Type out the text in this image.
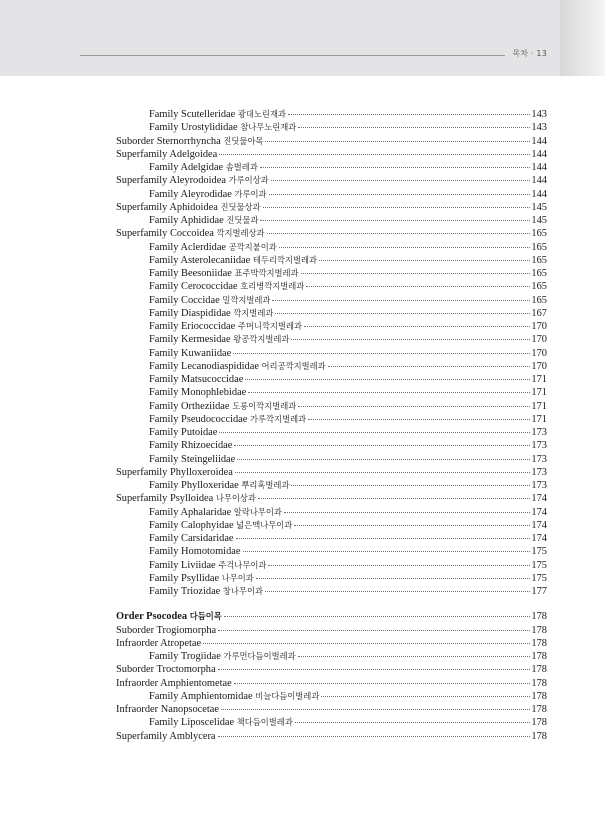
목차 · 13
Family Scutelleridae 광대노린재과	143
Family Urostylididae 참나무노린재과	143
Suborder Sternorrhyncha 진딧물아목	144
Superfamily Adelgoidea	144
Family Adelgidae 솜벌레과	144
Superfamily Aleyrodoidea 가루이상과	144
Family Aleyrodidae 가루이과	144
Superfamily Aphidoidea 진딧물상과	145
Family Aphididae 진딧물과	145
Superfamily Coccoidea 깍지벌레상과	165
Family Aclerdidae 공깍지붙이과	165
Family Asterolecaniidae 테두리깍지벌레과	165
Family Beesoniidae 표주박깍지벌레과	165
Family Cerococcidae 호리병깍지벌레과	165
Family Coccidae 밀깍지벌레과	165
Family Diaspididae 깍지벌레과	167
Family Eriococcidae 주머니깍지벌레과	170
Family Kermesidae 왕공깍지벌레과	170
Family Kuwaniidae	170
Family Lecanodiaspididae 어리공깍지벌레과	170
Family Matsucoccidae	171
Family Monophlebidae	171
Family Ortheziidae 도롱이깍지벌레과	171
Family Pseudococcidae 가루깍지벌레과	171
Family Putoidae	173
Family Rhizoecidae	173
Family Steingeliidae	173
Superfamily Phylloxeroidea	173
Family Phylloxeridae 뿌리혹벌레과	173
Superfamily Psylloidea 나무이상과	174
Family Aphalaridae 알락나무이과	174
Family Calophyidae 넓은맥나무이과	174
Family Carsidaridae	174
Family Homotomidae	175
Family Liviidae 주걱나무이과	175
Family Psyllidae 나무이과	175
Family Triozidae 창나무이과	177
Order Psocodea 다듬이목	178
Suborder Trogiomorpha	178
Infraorder Atropetae	178
Family Trogiidae 가루먼다듬이벌레과	178
Suborder Troctomorpha	178
Infraorder Amphientometae	178
Family Amphientomidae 비늘다듬이벌레과	178
Infraorder Nanopsocetae	178
Family Liposcelidae 책다듬이벌레과	178
Superfamily Amblycera	178
